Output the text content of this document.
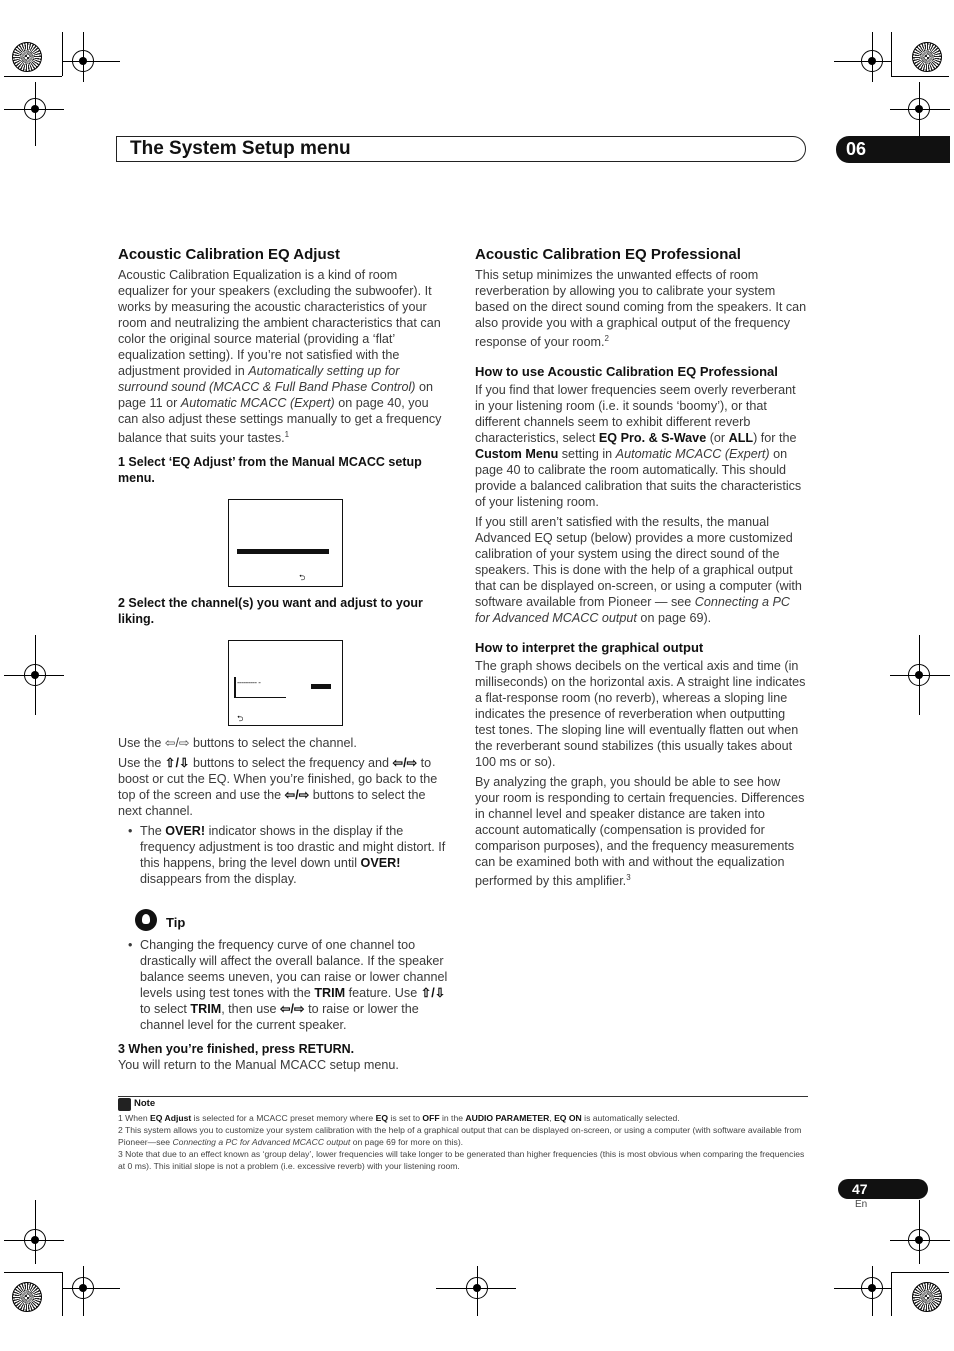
The System Setup menu	06
Acoustic Calibration EQ Adjust

Acoustic Calibration Equalization is a kind of room equalizer for your speakers (excluding the subwoofer). It works by measuring the acoustic characteristics of your room and neutralizing the ambient characteristics that can color the original source material (providing a ‘flat’ equalization setting). If you’re not satisfied with the adjustment provided in Automatically setting up for surround sound (MCACC & Full Band Phase Control) on page 11 or Automatic MCACC (Expert) on page 40, you can also adjust these settings manually to get a frequency balance that suits your tastes.$^1$

1 Select ‘EQ Adjust’ from the Manual MCACC setup menu.
⮌
2 Select the channel(s) you want and adjust to your liking.
--------- -
⮌

Use the ⇦/⇨ buttons to select the channel.

Use the ⇧/⇩ buttons to select the frequency and ⇦/⇨ to boost or cut the EQ. When you’re finished, go back to the top of the screen and use the ⇦/⇨ buttons to select the next channel.

• The OVER! indicator shows in the display if the frequency adjustment is too drastic and might distort. If this happens, bring the level down until OVER! disappears from the display.
Tip
• Changing the frequency curve of one channel too drastically will affect the overall balance. If the speaker balance seems uneven, you can raise or lower channel levels using test tones with the TRIM feature. Use ⇧/⇩ to select TRIM, then use ⇦/⇨ to raise or lower the channel level for the current speaker.
3 When you’re finished, press RETURN.

You will return to the Manual MCACC setup menu.

Acoustic Calibration EQ Professional

This setup minimizes the unwanted effects of room reverberation by allowing you to calibrate your system based on the direct sound coming from the speakers. It can also provide you with a graphical output of the frequency response of your room.$^2$

How to use Acoustic Calibration EQ Professional

If you find that lower frequencies seem overly reverberant in your listening room (i.e. it sounds ‘boomy’), or that different channels seem to exhibit different reverb characteristics, select EQ Pro. & S-Wave (or ALL) for the Custom Menu setting in Automatic MCACC (Expert) on page 40 to calibrate the room automatically. This should provide a balanced calibration that suits the characteristics of your listening room.

If you still aren’t satisfied with the results, the manual Advanced EQ setup (below) provides a more customized calibration of your system using the direct sound of the speakers. This is done with the help of a graphical output that can be displayed on-screen, or using a computer (with software available from Pioneer — see Connecting a PC for Advanced MCACC output on page 69).

How to interpret the graphical output

The graph shows decibels on the vertical axis and time (in milliseconds) on the horizontal axis. A straight line indicates a flat-response room (no reverb), whereas a sloping line indicates the presence of reverberation when outputting test tones. The sloping line will eventually flatten out when the reverberant sound stabilizes (this usually takes about 100 ms or so).

By analyzing the graph, you should be able to see how your room is responding to certain frequencies. Differences in channel level and speaker distance are taken into account automatically (compensation is provided for comparison purposes), and the frequency measurements can be examined both with and without the equalization performed by this amplifier.$^3$

Note
1 When EQ Adjust is selected for a MCACC preset memory where EQ is set to OFF in the AUDIO PARAMETER, EQ ON is automatically selected.
2 This system allows you to customize your system calibration with the help of a graphical output that can be displayed on-screen, or using a computer (with software available from Pioneer—see Connecting a PC for Advanced MCACC output on page 69 for more on this).
3 Note that due to an effect known as ‘group delay’, lower frequencies will take longer to be generated than higher frequencies (this is most obvious when comparing the frequencies at 0 ms). This initial slope is not a problem (i.e. excessive reverb) with your listening room.
47
En
